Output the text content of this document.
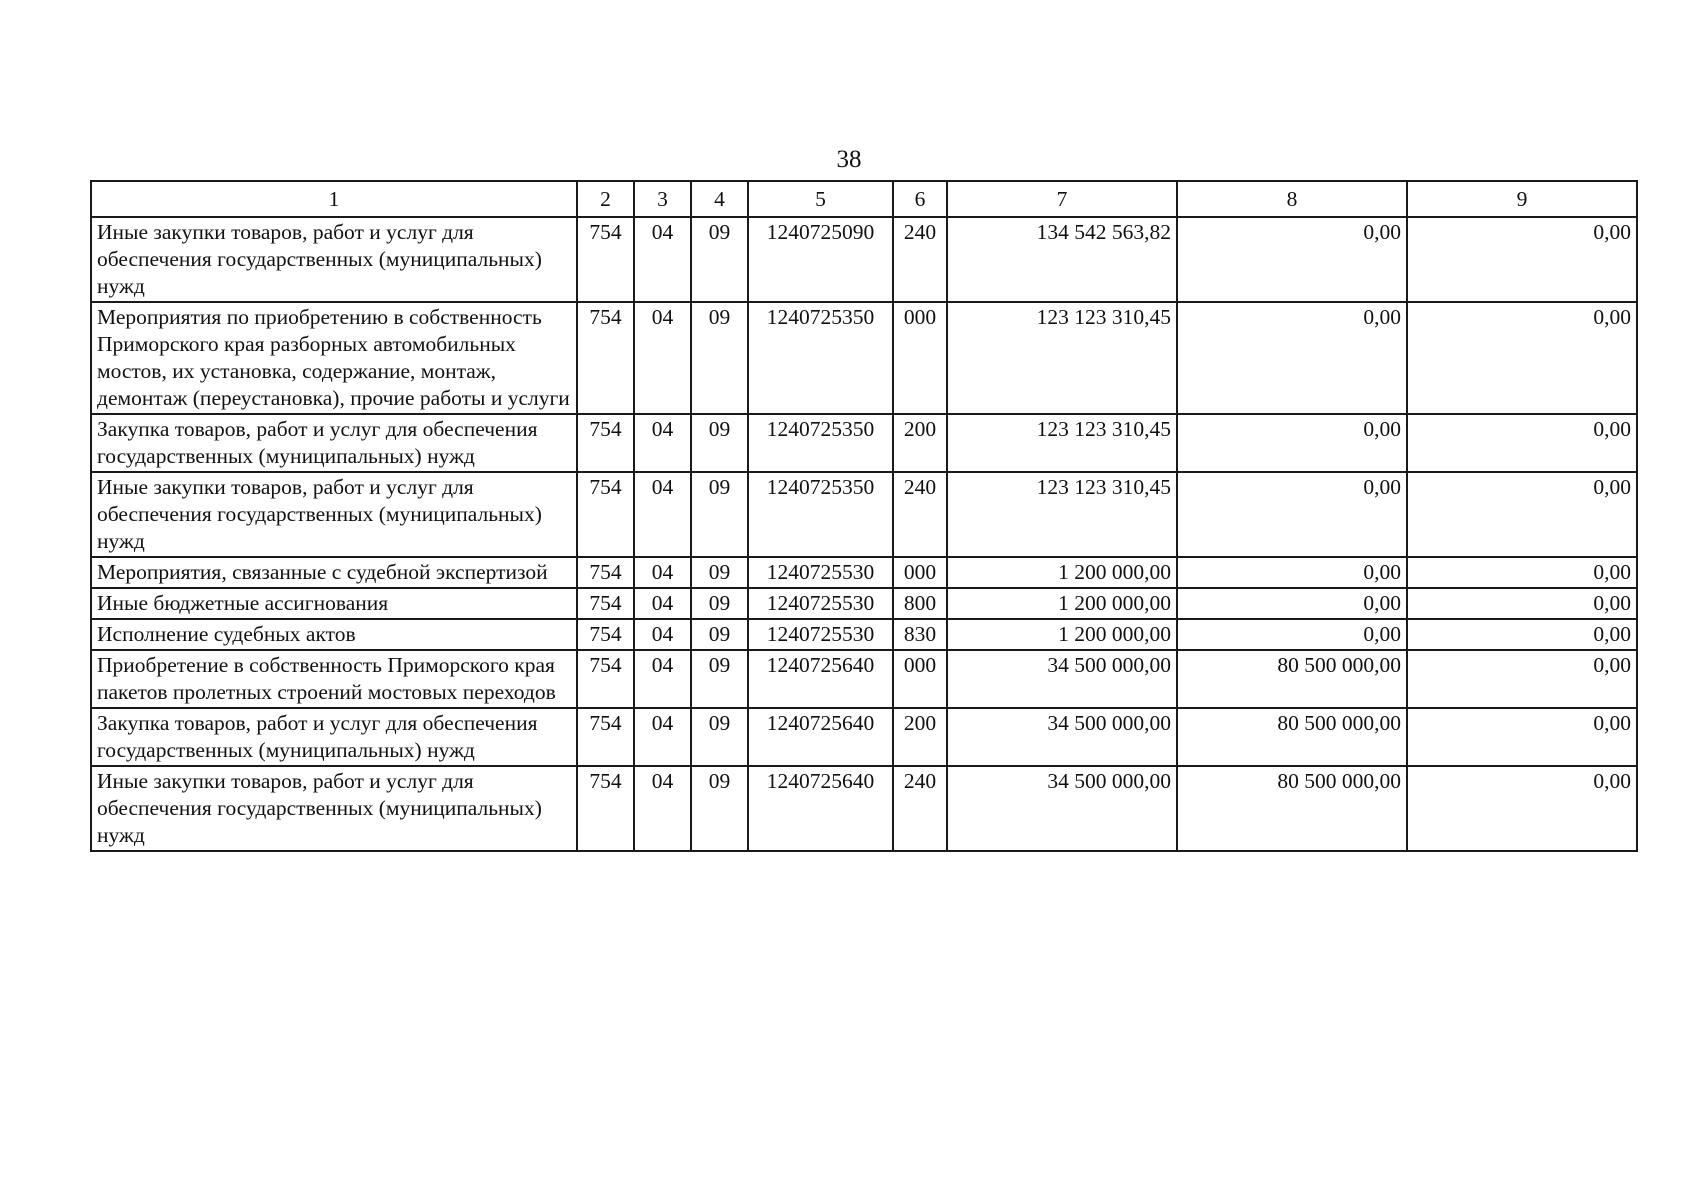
38
1	2	3	4	5	6	7	8	9
Иные закупки товаров, работ и услуг для обеспечения государственных (муниципальных) нужд	754	04	09	1240725090	240	134 542 563,82	0,00	0,00
Мероприятия по приобретению в собственность Приморского края разборных автомобильных мостов, их установка, содержание, монтаж, демонтаж (переустановка), прочие работы и услуги	754	04	09	1240725350	000	123 123 310,45	0,00	0,00
Закупка товаров, работ и услуг для обеспечения государственных (муниципальных) нужд	754	04	09	1240725350	200	123 123 310,45	0,00	0,00
Иные закупки товаров, работ и услуг для обеспечения государственных (муниципальных) нужд	754	04	09	1240725350	240	123 123 310,45	0,00	0,00
Мероприятия, связанные с судебной экспертизой	754	04	09	1240725530	000	1 200 000,00	0,00	0,00
Иные бюджетные ассигнования	754	04	09	1240725530	800	1 200 000,00	0,00	0,00
Исполнение судебных актов	754	04	09	1240725530	830	1 200 000,00	0,00	0,00
Приобретение в собственность Приморского края пакетов пролетных строений мостовых переходов	754	04	09	1240725640	000	34 500 000,00	80 500 000,00	0,00
Закупка товаров, работ и услуг для обеспечения государственных (муниципальных) нужд	754	04	09	1240725640	200	34 500 000,00	80 500 000,00	0,00
Иные закупки товаров, работ и услуг для обеспечения государственных (муниципальных) нужд	754	04	09	1240725640	240	34 500 000,00	80 500 000,00	0,00
